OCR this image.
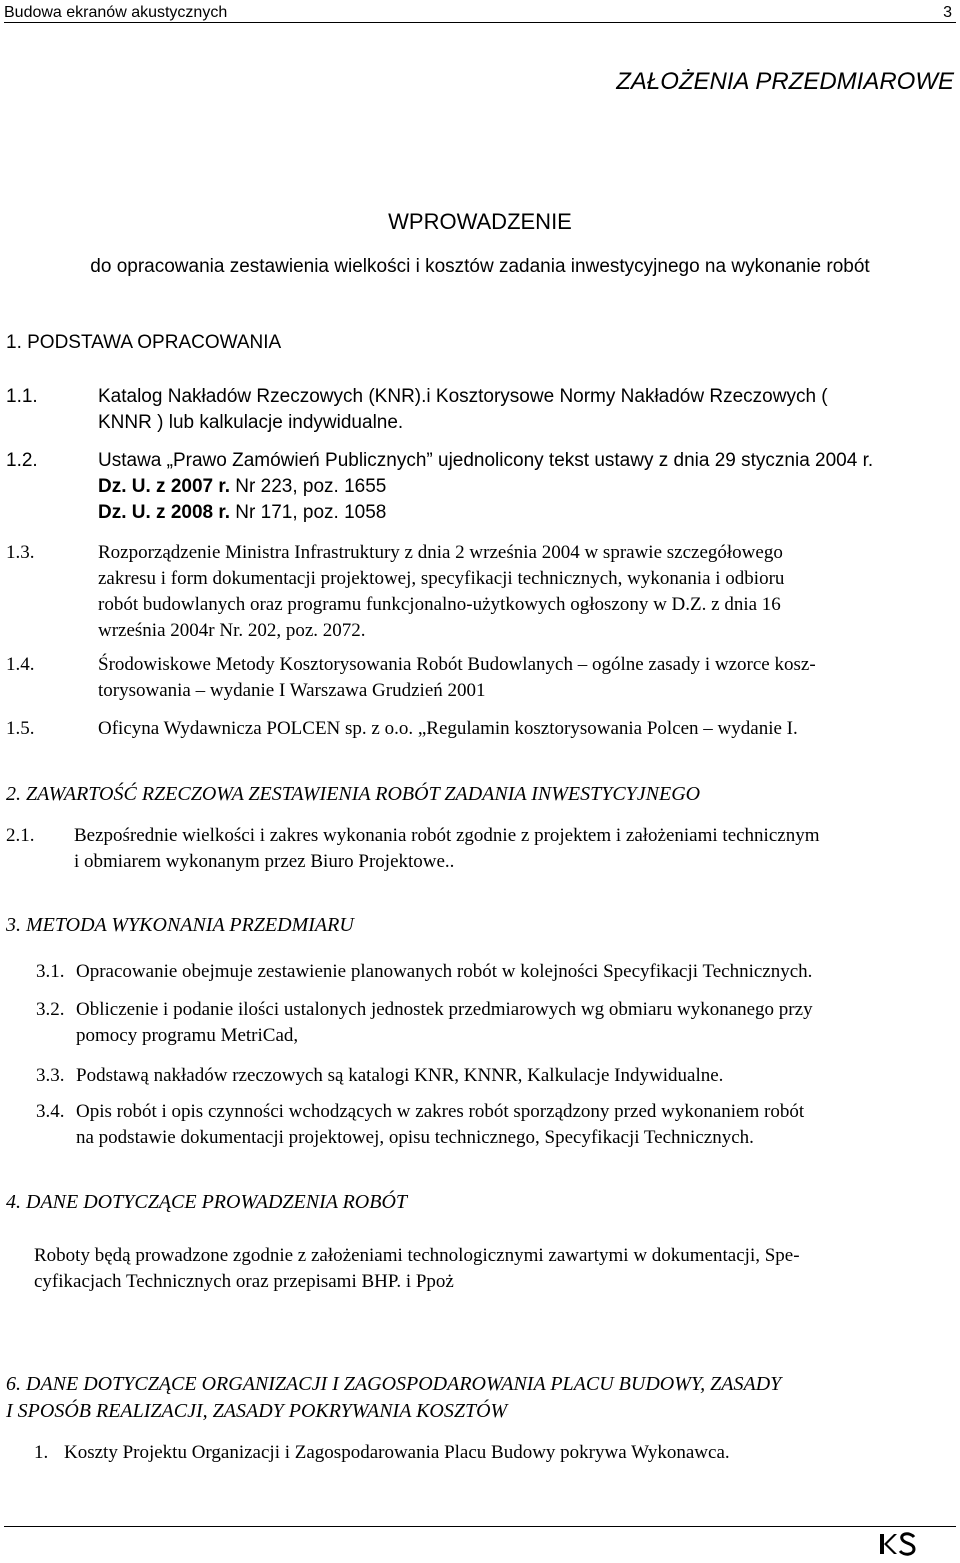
Budowa ekranów akustycznych	3
ZAŁOŻENIA PRZEDMIAROWE
WPROWADZENIE
do opracowania zestawienia wielkości i kosztów zadania inwestycyjnego na wykonanie robót
1. PODSTAWA OPRACOWANIA
1.1.	Katalog Nakładów Rzeczowych (KNR).i Kosztorysowe Normy Nakładów Rzeczowych (
KNNR ) lub kalkulacje indywidualne.
1.2.	Ustawa „Prawo Zamówień Publicznych” ujednolicony tekst ustawy z dnia 29 stycznia 2004 r.
Dz. U. z 2007 r. Nr 223, poz. 1655
Dz. U. z 2008 r. Nr 171, poz. 1058
1.3.	Rozporządzenie Ministra Infrastruktury z dnia 2 września 2004 w sprawie szczegółowego
zakresu i form dokumentacji projektowej, specyfikacji technicznych, wykonania i odbioru
robót budowlanych oraz programu funkcjonalno-użytkowych ogłoszony w D.Z. z dnia 16
września 2004r Nr. 202, poz. 2072.
1.4.	Środowiskowe Metody Kosztorysowania Robót Budowlanych – ogólne zasady i wzorce kosz-
torysowania – wydanie I Warszawa Grudzień 2001
1.5.	Oficyna Wydawnicza POLCEN sp. z o.o. „Regulamin kosztorysowania Polcen – wydanie I.
2. ZAWARTOŚĆ RZECZOWA ZESTAWIENIA ROBÓT ZADANIA INWESTYCYJNEGO
2.1. Bezpośrednie wielkości i zakres wykonania robót zgodnie z projektem i założeniami technicznym
i obmiarem wykonanym przez Biuro Projektowe..
3. METODA WYKONANIA PRZEDMIARU
3.1. Opracowanie obejmuje zestawienie planowanych robót w kolejności Specyfikacji Technicznych.
3.2. Obliczenie i podanie ilości ustalonych jednostek przedmiarowych wg obmiaru wykonanego przy
pomocy programu MetriCad,
3.3. Podstawą nakładów rzeczowych są katalogi KNR, KNNR, Kalkulacje Indywidualne.
3.4. Opis robót i opis czynności wchodzących w zakres robót sporządzony przed wykonaniem robót
na podstawie dokumentacji projektowej, opisu technicznego, Specyfikacji Technicznych.
4. DANE DOTYCZĄCE PROWADZENIA ROBÓT
Roboty będą prowadzone zgodnie z założeniami technologicznymi zawartymi w dokumentacji, Spe-
cyfikacjach Technicznych oraz przepisami BHP. i Ppoż
6. DANE DOTYCZĄCE ORGANIZACJI I ZAGOSPODAROWANIA PLACU BUDOWY, ZASADY
I SPOSÓB REALIZACJI, ZASADY POKRYWANIA KOSZTÓW
1. Koszty Projektu Organizacji i Zagospodarowania Placu Budowy pokrywa Wykonawca.
